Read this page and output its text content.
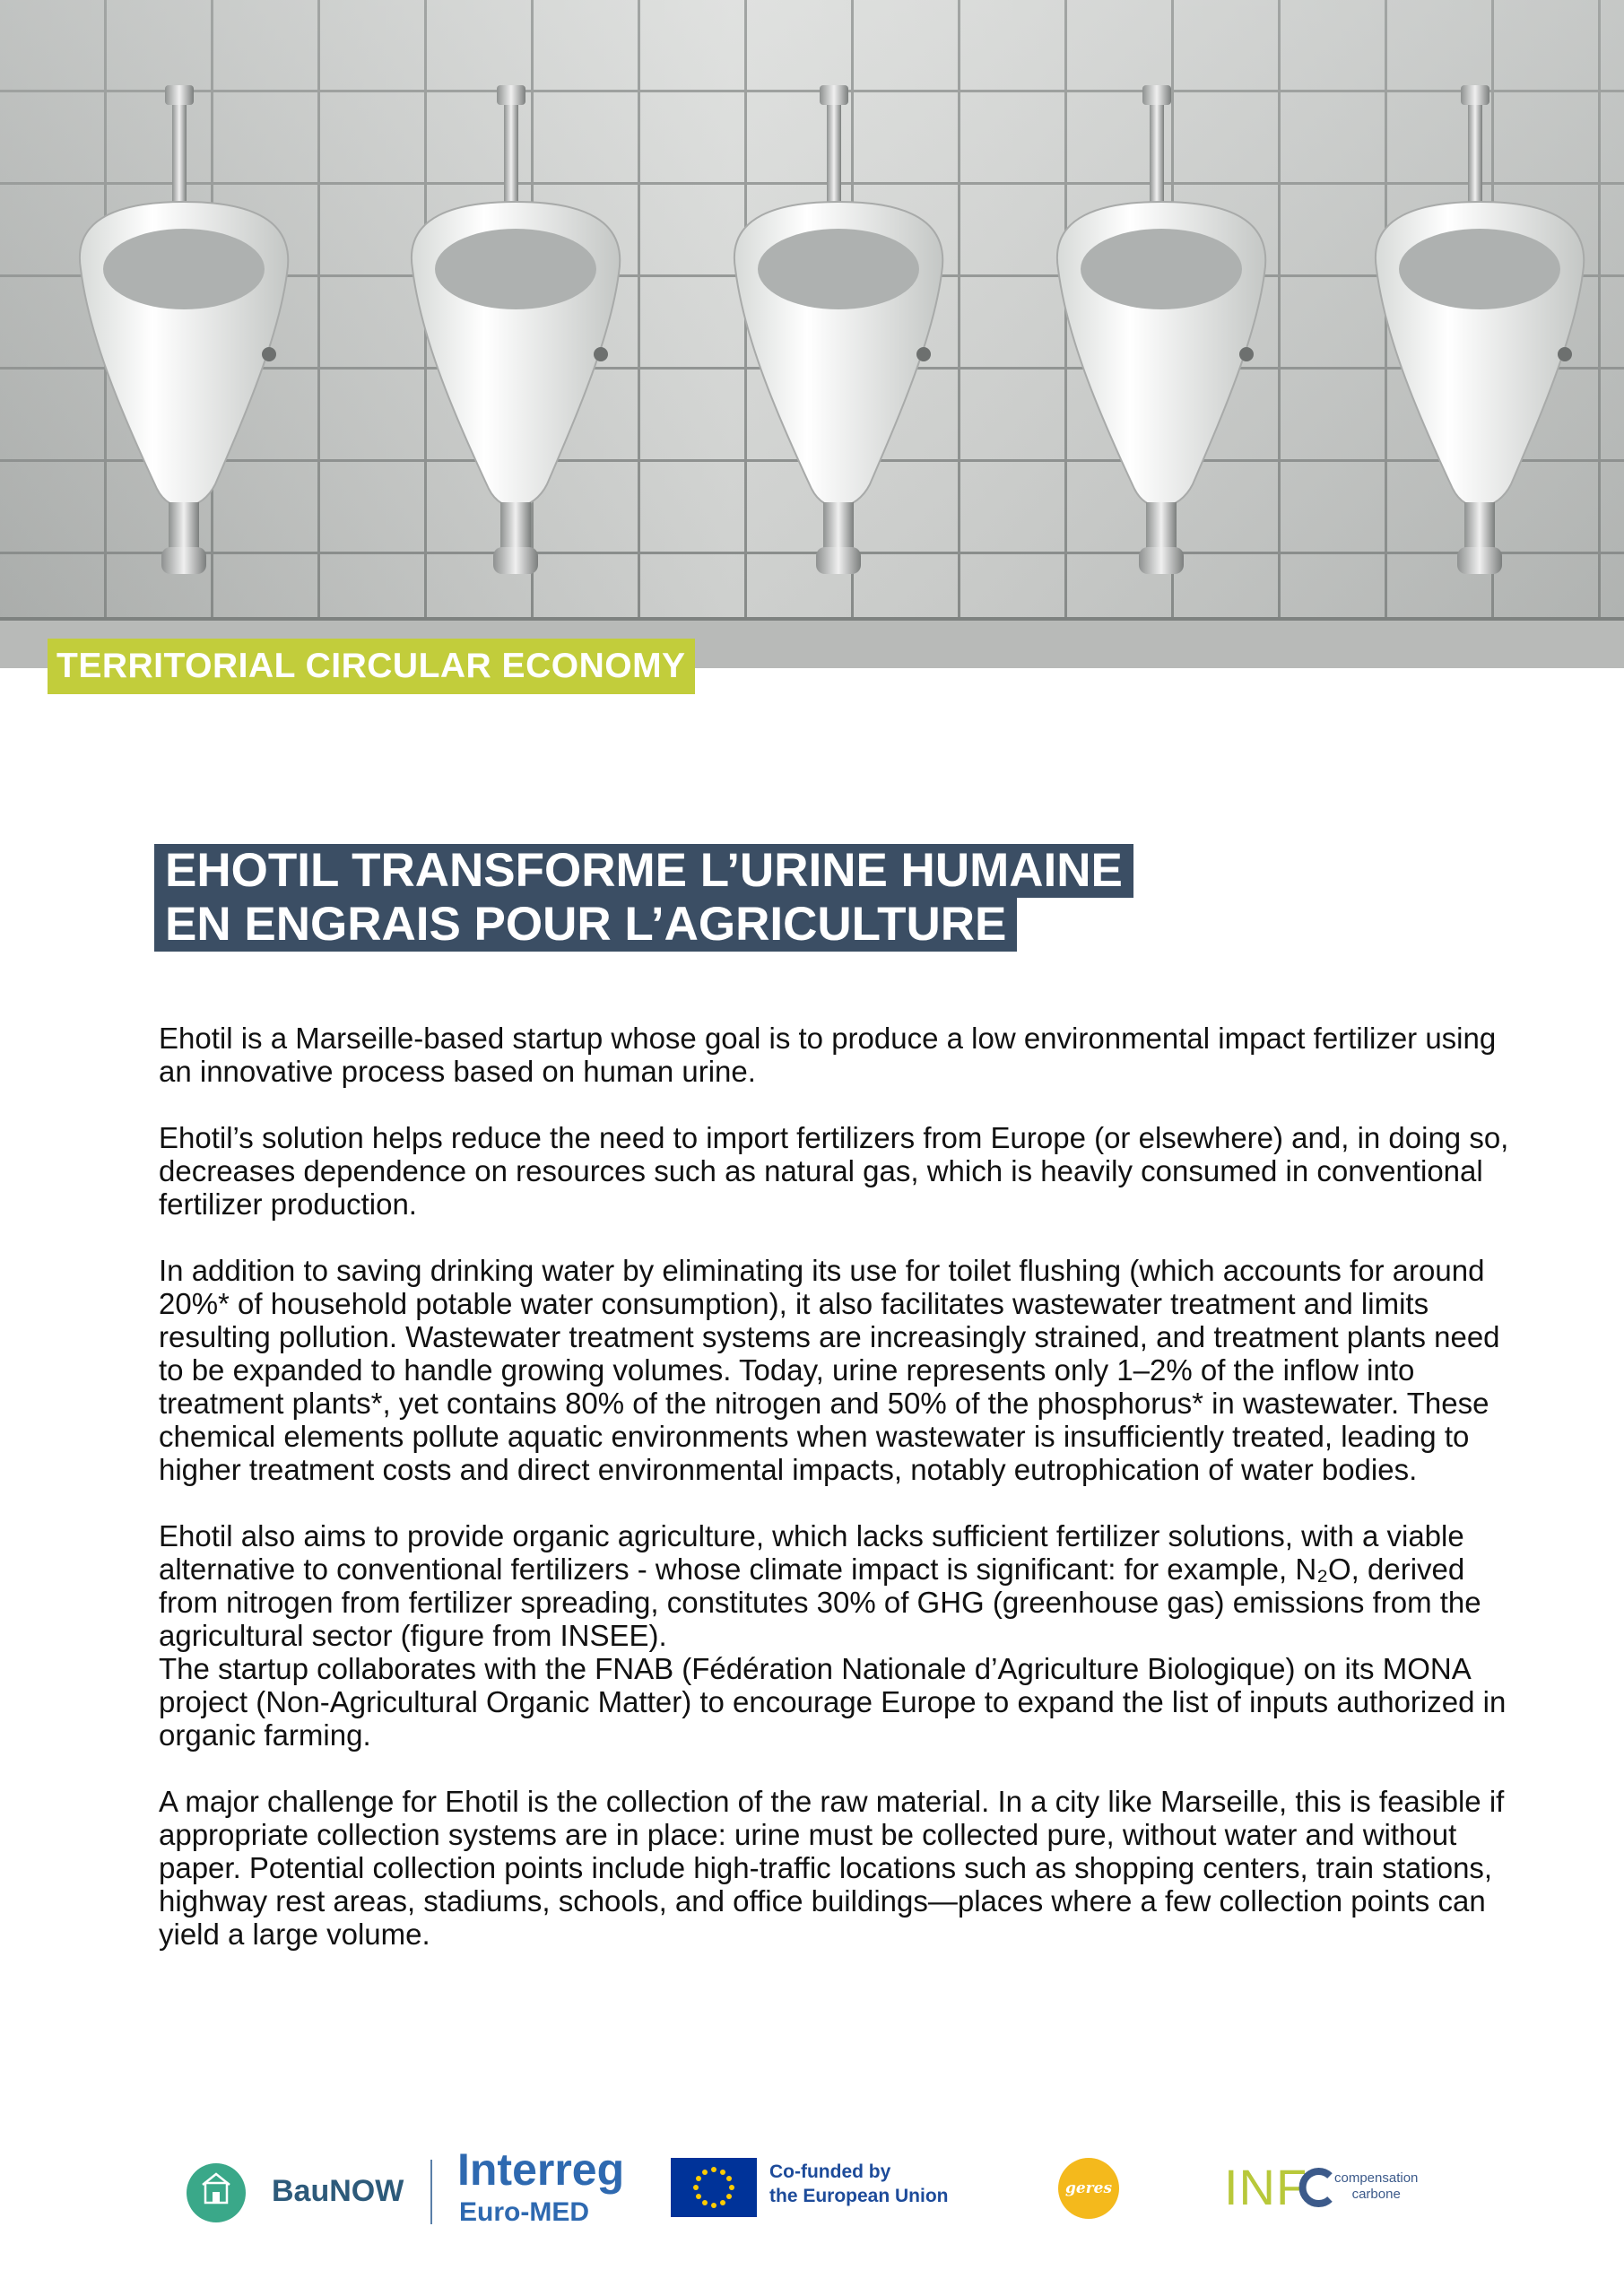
TERRITORIAL CIRCULAR ECONOMY
EHOTIL TRANSFORME L’URINE HUMAINE
EN ENGRAIS POUR L’AGRICULTURE

Ehotil is a Marseille-based startup whose goal is to produce a low environmental impact fertilizer using an innovative process based on human urine.

Ehotil’s solution helps reduce the need to import fertilizers from Europe (or elsewhere) and, in doing so, decreases dependence on resources such as natural gas, which is heavily consumed in conventional fertilizer production.

In addition to saving drinking water by eliminating its use for toilet flushing (which accounts for around 20%* of household potable water consumption), it also facilitates wastewater treatment and limits resulting pollution. Wastewater treatment systems are increasingly strained, and treatment plants need to be expanded to handle growing volumes. Today, urine represents only 1–2% of the inflow into treatment plants*, yet contains 80% of the nitrogen and 50% of the phosphorus* in wastewater. These chemical elements pollute aquatic environments when wastewater is insufficiently treated, leading to higher treatment costs and direct environmental impacts, notably eutrophication of water bodies.

Ehotil also aims to provide organic agriculture, which lacks sufficient fertilizer solutions, with a viable alternative to conventional fertilizers - whose climate impact is significant: for example, N₂O, derived from nitrogen from fertilizer spreading, constitutes 30% of GHG (greenhouse gas) emissions from the agricultural sector (figure from INSEE).
The startup collaborates with the FNAB (Fédération Nationale d’Agriculture Biologique) on its MONA project (Non-Agricultural Organic Matter) to encourage Europe to expand the list of inputs authorized in organic farming.

A major challenge for Ehotil is the collection of the raw material. In a city like Marseille, this is feasible if appropriate collection systems are in place: urine must be collected pure, without water and without paper. Potential collection points include high-traffic locations such as shopping centers, train stations, highway rest areas, stadiums, schools, and office buildings—places where a few collection points can yield a large volume.

BauNOW Interreg
Euro-MED
Co-funded by
the European Union	geres INF compensation
carbone
